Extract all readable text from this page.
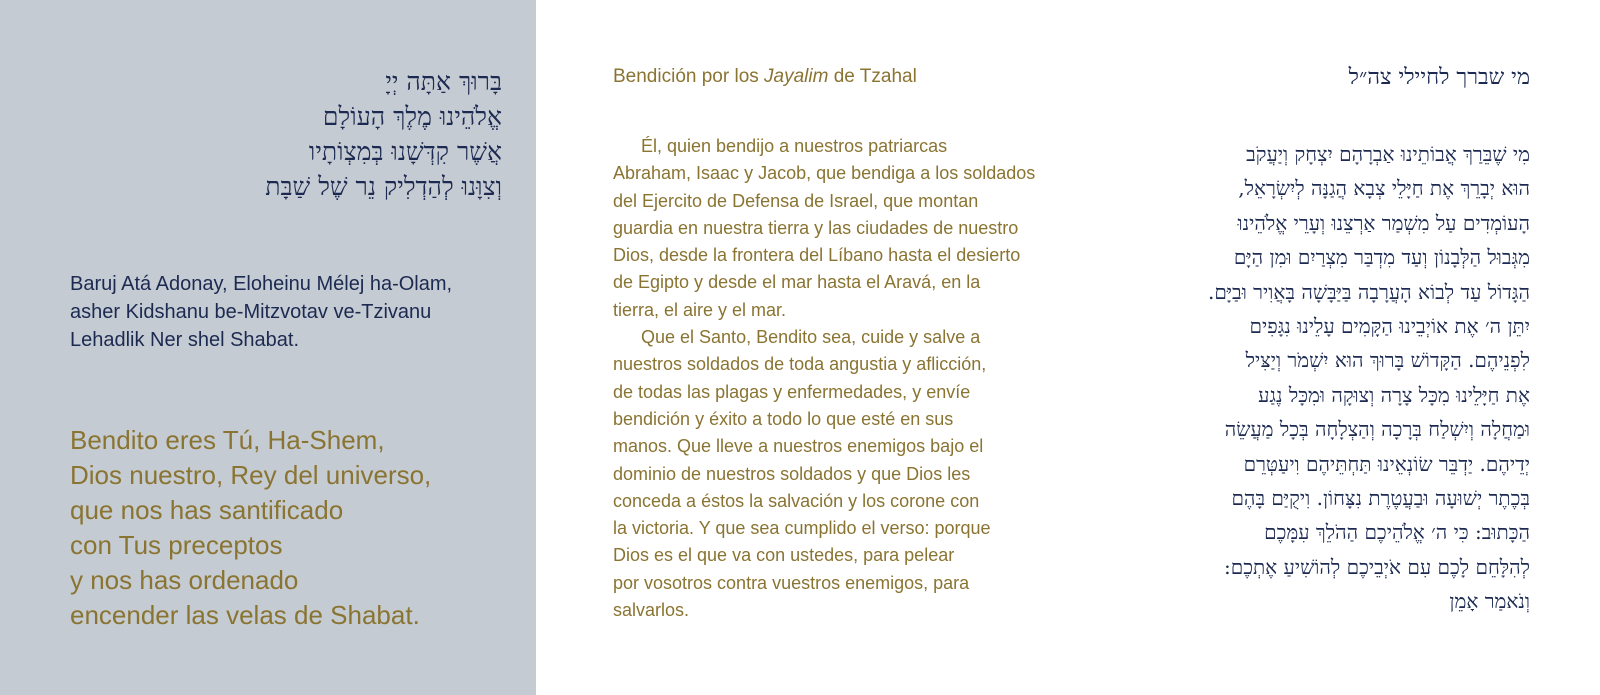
בָּרוּךְ אַתָּה יְיָ
אֱלֹהֵינוּ מֶלֶךְ הָעוֹלָם
אֲשֶׁר קִדְּשָׁנוּ בְּמִצְוֹתָיו
וְצִוָּנוּ לְהַדְלִיק נֵר שֶׁל שַׁבָּת
Baruj Atá Adonay, Eloheinu Mélej ha-Olam,
asher Kidshanu be-Mitzvotav ve-Tzivanu
Lehadlik Ner shel Shabat.
Bendito eres Tú, Ha-Shem,
Dios nuestro, Rey del universo,
que nos has santificado
con Tus preceptos
y nos has ordenado
encender las velas de Shabat.
Bendición por los Jayalim de Tzahal
Él, quien bendijo a nuestros patriarcas
Abraham, Isaac y Jacob, que bendiga a los soldados
del Ejercito de Defensa de Israel, que montan
guardia en nuestra tierra y las ciudades de nuestro
Dios, desde la frontera del Líbano hasta el desierto
de Egipto y desde el mar hasta el Aravá, en la
tierra, el aire y el mar.
Que el Santo, Bendito sea, cuide y salve a
nuestros soldados de toda angustia y aflicción,
de todas las plagas y enfermedades, y envíe
bendición y éxito a todo lo que esté en sus
manos. Que lleve a nuestros enemigos bajo el
dominio de nuestros soldados y que Dios les
conceda a éstos la salvación y los corone con
la victoria. Y que sea cumplido el verso: porque
Dios es el que va con ustedes, para pelear
por vosotros contra vuestros enemigos, para
salvarlos.
מי שברך לחיילי צה״ל
מִי שֶׁבֵּרַךְ אֲבוֹתֵינוּ אַבְרָהָם יִצְחָק וְיַעֲקֹב
הוּא יְבָרֵךְ אֶת חַיָּלֵי צְבָא הֲגַנָּה לְיִשְׂרָאֵל,
הָעוֹמְדִים עַל מִשְׁמַר אַרְצֵנוּ וְעָרֵי אֱלֹהֵינוּ
מִגְּבוּל הַלְּבָנוֹן וְעַד מִדְבַּר מִצְרַיִם וּמִן הַיָּם
הַגָּדוֹל עַד לְבוֹא הָעֲרָבָה בַּיַּבָּשָׁה בָּאֲוִיר וּבַיָּם.
יִתֵּן ה׳ אֶת אוֹיְבֵינוּ הַקָּמִים עָלֵינוּ נִגָּפִים
לִפְנֵיהֶם. הַקָּדוֹשׁ בָּרוּךְ הוּא יִשְׁמֹר וְיַצִּיל
אֶת חַיָּלֵינוּ מִכָּל צָרָה וְצוּקָה וּמִכָּל נֶגַע
וּמַחֲלָה וְיִשְׁלַח בְּרָכָה וְהַצְלָחָה בְּכָל מַעֲשֵׂה
יְדֵיהֶם. יַדְבֵּר שׂוֹנְאֵינוּ תַּחְתֵּיהֶם וִיעַטְּרֵם
בְּכֶתֶר יְשׁוּעָה וּבַעֲטֶרֶת נִצָּחוֹן. וִיקֻיַּם בָּהֶם
הַכָּתוּב: כִּי ה׳ אֱלֹהֵיכֶם הַהֹלֵךְ עִמָּכֶם
לְהִלָּחֵם לָכֶם עִם אֹיְבֵיכֶם לְהוֹשִׁיעַ אֶתְכֶם:
וְנֹאמַר אָמֵן
